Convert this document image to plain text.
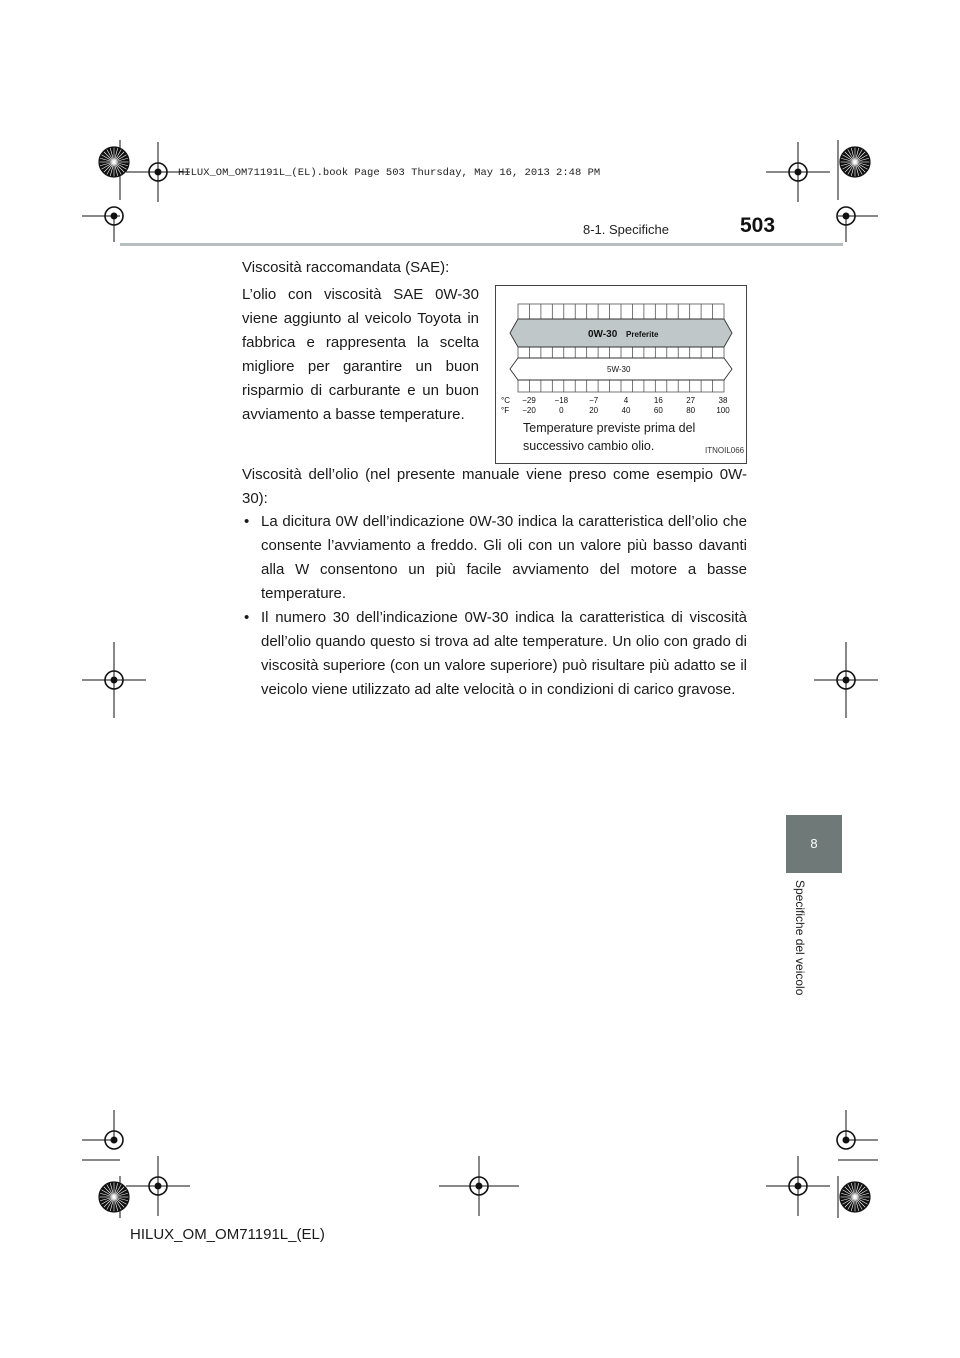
HILUX_OM_OM71191L_(EL).book Page 503 Thursday, May 16, 2013 2:48 PM
8-1. Specifiche	503
8
Specifiche del veicolo
Viscosità raccomandata (SAE):
L’olio con viscosità SAE 0W-30 viene aggiunto al veicolo Toyota in fabbrica e rappresenta la scelta migliore per garantire un buon risparmio di carburante e un buon avviamento a basse temperature.
0W-30 Preferite
5W-30
°C
°F
−29 −18	−7	4	16	27	38
−20	0	20	40	60	80	100
Temperature previste prima del
successivo cambio olio.	ITNOIL066
Viscosità dell’olio (nel presente manuale viene preso come esempio 0W-30):
• La dicitura 0W dell’indicazione 0W-30 indica la caratteristica dell’olio che consente l’avviamento a freddo. Gli oli con un valore più basso davanti alla W consentono un più facile avviamento del motore a basse temperature.
• Il numero 30 dell’indicazione 0W-30 indica la caratteristica di viscosità dell’olio quando questo si trova ad alte temperature. Un olio con grado di viscosità superiore (con un valore superiore) può risultare più adatto se il veicolo viene utilizzato ad alte velocità o in condizioni di carico gravose.
HILUX_OM_OM71191L_(EL)
